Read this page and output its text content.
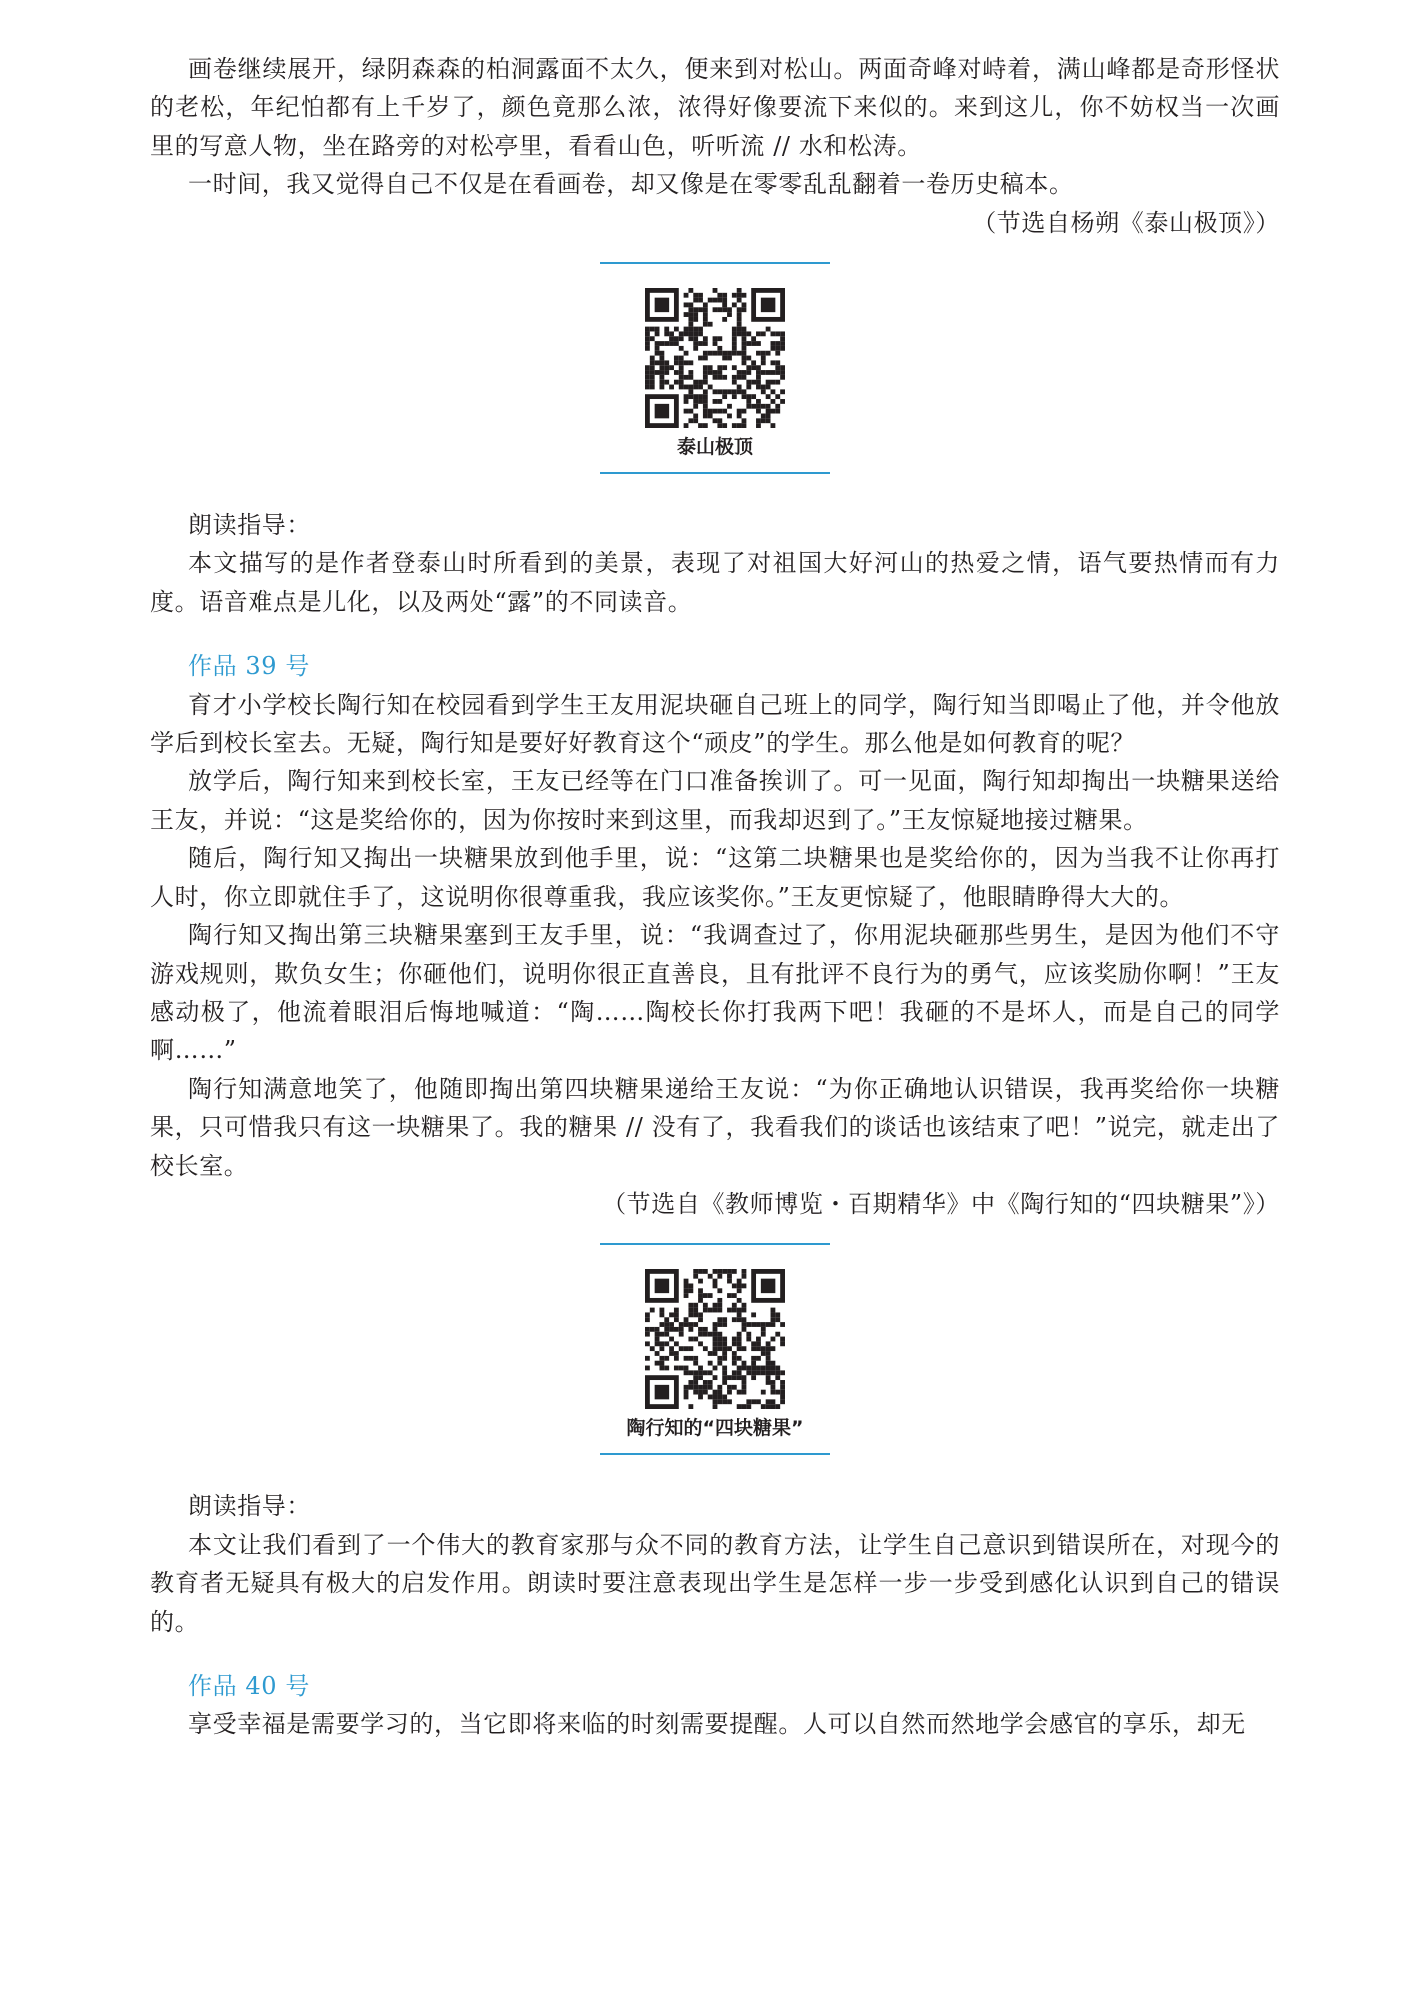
画卷继续展开，绿阴森森的柏洞露面不太久，便来到对松山。两面奇峰对峙着，满山峰都是奇形怪状的老松，年纪怕都有上千岁了，颜色竟那么浓，浓得好像要流下来似的。来到这儿，你不妨权当一次画里的写意人物，坐在路旁的对松亭里，看看山色，听听流 // 水和松涛。

一时间，我又觉得自己不仅是在看画卷，却又像是在零零乱乱翻着一卷历史稿本。

（节选自杨朔《泰山极顶》）

泰山极顶

朗读指导：

本文描写的是作者登泰山时所看到的美景，表现了对祖国大好河山的热爱之情，语气要热情而有力度。语音难点是儿化，以及两处“露”的不同读音。

作品 39 号

育才小学校长陶行知在校园看到学生王友用泥块砸自己班上的同学，陶行知当即喝止了他，并令他放学后到校长室去。无疑，陶行知是要好好教育这个“顽皮”的学生。那么他是如何教育的呢？

放学后，陶行知来到校长室，王友已经等在门口准备挨训了。可一见面，陶行知却掏出一块糖果送给王友，并说：“这是奖给你的，因为你按时来到这里，而我却迟到了。”王友惊疑地接过糖果。

随后，陶行知又掏出一块糖果放到他手里，说：“这第二块糖果也是奖给你的，因为当我不让你再打人时，你立即就住手了，这说明你很尊重我，我应该奖你。”王友更惊疑了，他眼睛睁得大大的。

陶行知又掏出第三块糖果塞到王友手里，说：“我调查过了，你用泥块砸那些男生，是因为他们不守游戏规则，欺负女生；你砸他们，说明你很正直善良，且有批评不良行为的勇气，应该奖励你啊！”王友感动极了，他流着眼泪后悔地喊道：“陶……陶校长你打我两下吧！我砸的不是坏人，而是自己的同学啊……”

陶行知满意地笑了，他随即掏出第四块糖果递给王友说：“为你正确地认识错误，我再奖给你一块糖果，只可惜我只有这一块糖果了。我的糖果 // 没有了，我看我们的谈话也该结束了吧！”说完，就走出了校长室。

（节选自《教师博览・百期精华》中《陶行知的“四块糖果”》）

陶行知的“四块糖果”

朗读指导：

本文让我们看到了一个伟大的教育家那与众不同的教育方法，让学生自己意识到错误所在，对现今的教育者无疑具有极大的启发作用。朗读时要注意表现出学生是怎样一步一步受到感化认识到自己的错误的。

作品 40 号

享受幸福是需要学习的，当它即将来临的时刻需要提醒。人可以自然而然地学会感官的享乐，却无
